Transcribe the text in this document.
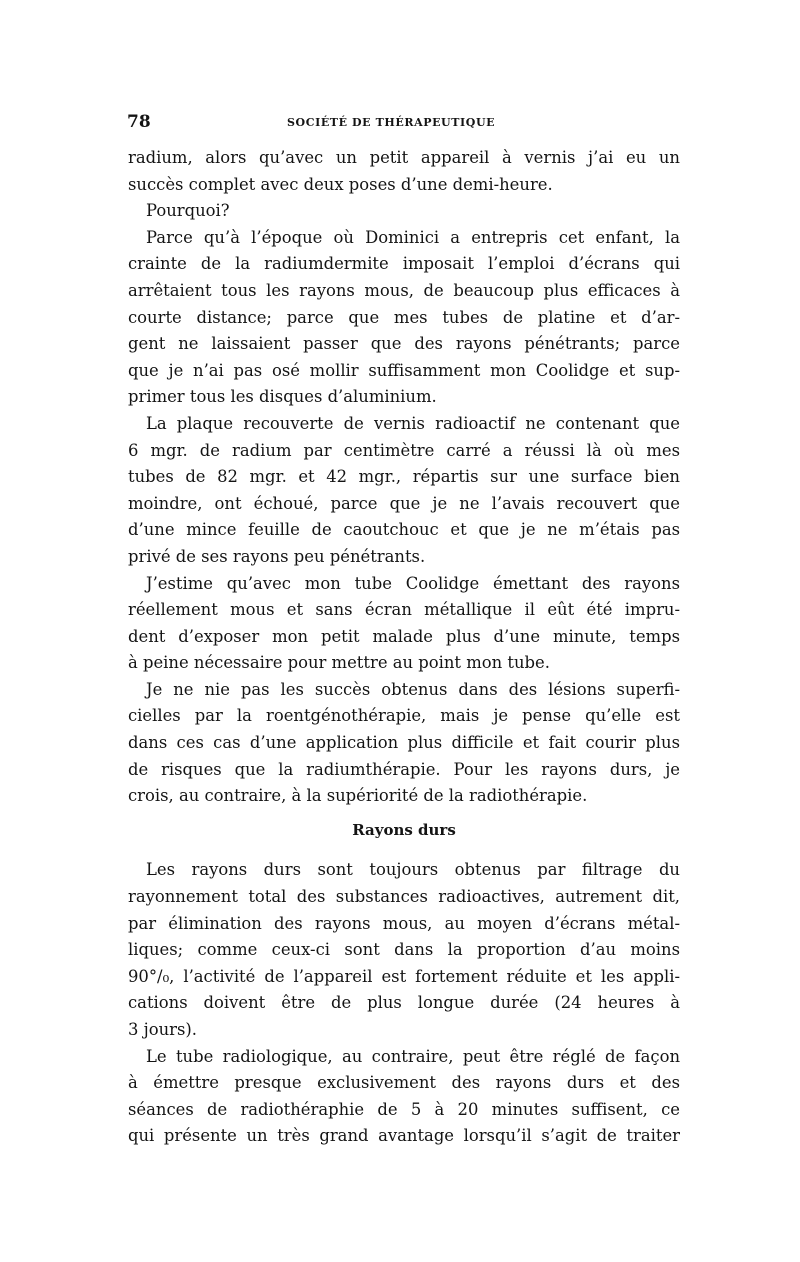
78	SOCIÉTÉ DE THÉRAPEUTIQUE
radium, alors qu’avec un petit appareil à vernis j’ai eu un
succès complet avec deux poses d’une demi-heure.
Pourquoi?
Parce qu’à l’époque où Dominici a entrepris cet enfant, la
crainte de la radiumdermite imposait l’emploi d’écrans qui
arrêtaient tous les rayons mous, de beaucoup plus efficaces à
courte distance; parce que mes tubes de platine et d’ar-
gent ne laissaient passer que des rayons pénétrants; parce
que je n’ai pas osé mollir suffisamment mon Coolidge et sup-
primer tous les disques d’aluminium.
La plaque recouverte de vernis radioactif ne contenant que
6 mgr. de radium par centimètre carré a réussi là où mes
tubes de 82 mgr. et 42 mgr., répartis sur une surface bien
moindre, ont échoué, parce que je ne l’avais recouvert que
d’une mince feuille de caoutchouc et que je ne m’étais pas
privé de ses rayons peu pénétrants.
J’estime qu’avec mon tube Coolidge émettant des rayons
réellement mous et sans écran métallique il eût été impru-
dent d’exposer mon petit malade plus d’une minute, temps
à peine nécessaire pour mettre au point mon tube.
Je ne nie pas les succès obtenus dans des lésions superfi-
cielles par la roentgénothérapie, mais je pense qu’elle est
dans ces cas d’une application plus difficile et fait courir plus
de risques que la radiumthérapie. Pour les rayons durs, je
crois, au contraire, à la supériorité de la radiothérapie.
Rayons durs
Les rayons durs sont toujours obtenus par filtrage du
rayonnement total des substances radioactives, autrement dit,
par élimination des rayons mous, au moyen d’écrans métal-
liques; comme ceux-ci sont dans la proportion d’au moins
90°/₀, l’activité de l’appareil est fortement réduite et les appli-
cations doivent être de plus longue durée (24 heures à
3 jours).
Le tube radiologique, au contraire, peut être réglé de façon
à émettre presque exclusivement des rayons durs et des
séances de radiothéraphie de 5 à 20 minutes suffisent, ce
qui présente un très grand avantage lorsqu’il s’agit de traiter
